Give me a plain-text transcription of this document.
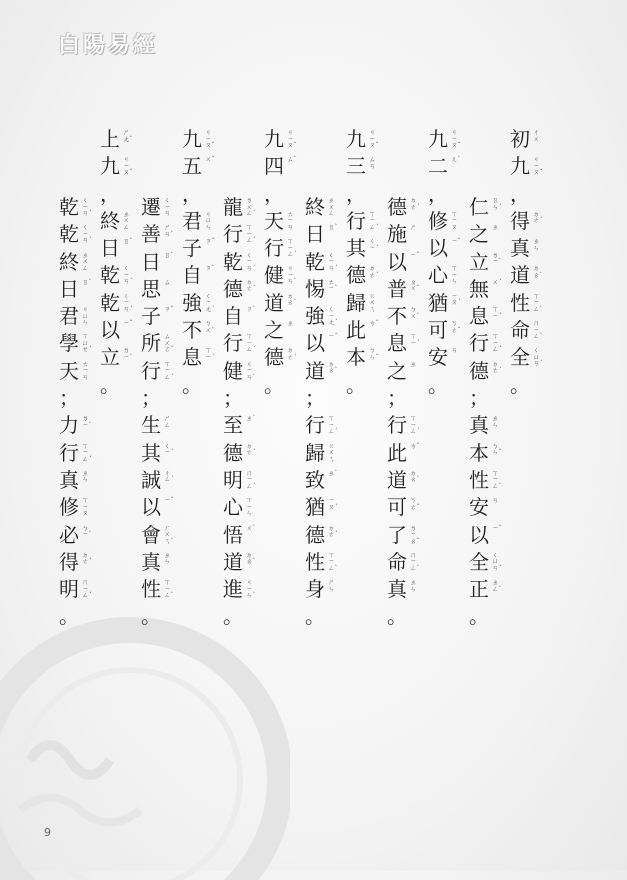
白陽易經
初 ㄔㄨ
九 ㄐㄧㄡˇ
，
得 ㄉㄜˊ
真 ㄓㄣ
道 ㄉㄠˋ
性 ㄒㄧㄥˋ
命 ㄇㄧㄥˋ
全 ㄑㄩㄢˊ
。
仁 ㄖㄣˊ
之 ㄓ
立 ㄌㄧˋ
無 ㄨˊ
息 ㄒㄧˊ
行 ㄒㄧㄥˊ
德 ㄉㄜˊ
；
真 ㄓㄣ
本 ㄅㄣˇ
性 ㄒㄧㄥˋ
安 ㄢ
以 ㄧˇ
全 ㄑㄩㄢˊ
正 ㄓㄥˋ
。
九 ㄐㄧㄡˇ
二 ㄦˋ
，
修 ㄒㄧㄡ
以 ㄧˇ
心 ㄒㄧㄣ
猶 ㄧㄡˊ
可 ㄎㄜˇ
安 ㄢ
。
德 ㄉㄜˊ
施 ㄕ
以 ㄧˇ
普 ㄆㄨˇ
不 ㄅㄨˋ
息 ㄒㄧˊ
之 ㄓ
；
行 ㄒㄧㄥˊ
此 ㄘˇ
道 ㄉㄠˋ
可 ㄎㄜˇ
了 ㄌㄧㄠˇ
命 ㄇㄧㄥˋ
真 ㄓㄣ
。
九 ㄐㄧㄡˇ
三 ㄙㄢ
，
行 ㄒㄧㄥˊ
其 ㄑㄧˊ
德 ㄉㄜˊ
歸 ㄍㄨㄟ
此 ㄘˇ
本 ㄅㄣˇ
。
終 ㄓㄨㄥ
日 ㄖˋ
乾 ㄑㄧㄢˊ
惕 ㄊㄧˋ
強 ㄑㄧㄤˊ
以 ㄧˇ
道 ㄉㄠˋ
；
行 ㄒㄧㄥˊ
歸 ㄍㄨㄟ
致 ㄓˋ
猶 ㄧㄡˊ
德 ㄉㄜˊ
性 ㄒㄧㄥˋ
身 ㄕㄣ
。
九 ㄐㄧㄡˇ
四 ㄙˋ
，
天 ㄊㄧㄢ
行 ㄒㄧㄥˊ
健 ㄐㄧㄢˋ
道 ㄉㄠˋ
之 ㄓ
德 ㄉㄜˊ
。
龍 ㄌㄨㄥˊ
行 ㄒㄧㄥˊ
乾 ㄑㄧㄢˊ
德 ㄉㄜˊ
自 ㄗˋ
行 ㄒㄧㄥˊ
健 ㄐㄧㄢˋ
；
至 ㄓˋ
德 ㄉㄜˊ
明 ㄇㄧㄥˊ
心 ㄒㄧㄣ
悟 ㄨˋ
道 ㄉㄠˋ
進 ㄐㄧㄣˋ
。
九 ㄐㄧㄡˇ
五 ㄨˇ
，
君 ㄐㄩㄣ
子 ㄗˇ
自 ㄗˋ
強 ㄑㄧㄤˊ
不 ㄅㄨˋ
息 ㄒㄧˊ
。
遷 ㄑㄧㄢ
善 ㄕㄢˋ
日 ㄖˋ
思 ㄙ
子 ㄗˇ
所 ㄙㄨㄛˇ
行 ㄒㄧㄥˊ
；
生 ㄕㄥ
其 ㄑㄧˊ
誠 ㄔㄥˊ
以 ㄧˇ
會 ㄏㄨㄟˋ
真 ㄓㄣ
性 ㄒㄧㄥˋ
。
上 ㄕㄤˋ
九 ㄐㄧㄡˇ
，
終 ㄓㄨㄥ
日 ㄖˋ
乾 ㄑㄧㄢˊ
乾 ㄑㄧㄢˊ
以 ㄧˇ
立 ㄌㄧˋ
。
乾 ㄑㄧㄢˊ
乾 ㄑㄧㄢˊ
終 ㄓㄨㄥ
日 ㄖˋ
君 ㄐㄩㄣ
學 ㄒㄩㄝˊ
天 ㄊㄧㄢ
；
力 ㄌㄧˋ
行 ㄒㄧㄥˊ
真 ㄓㄣ
修 ㄒㄧㄡ
必 ㄅㄧˋ
得 ㄉㄜˊ
明 ㄇㄧㄥˊ
。
9
